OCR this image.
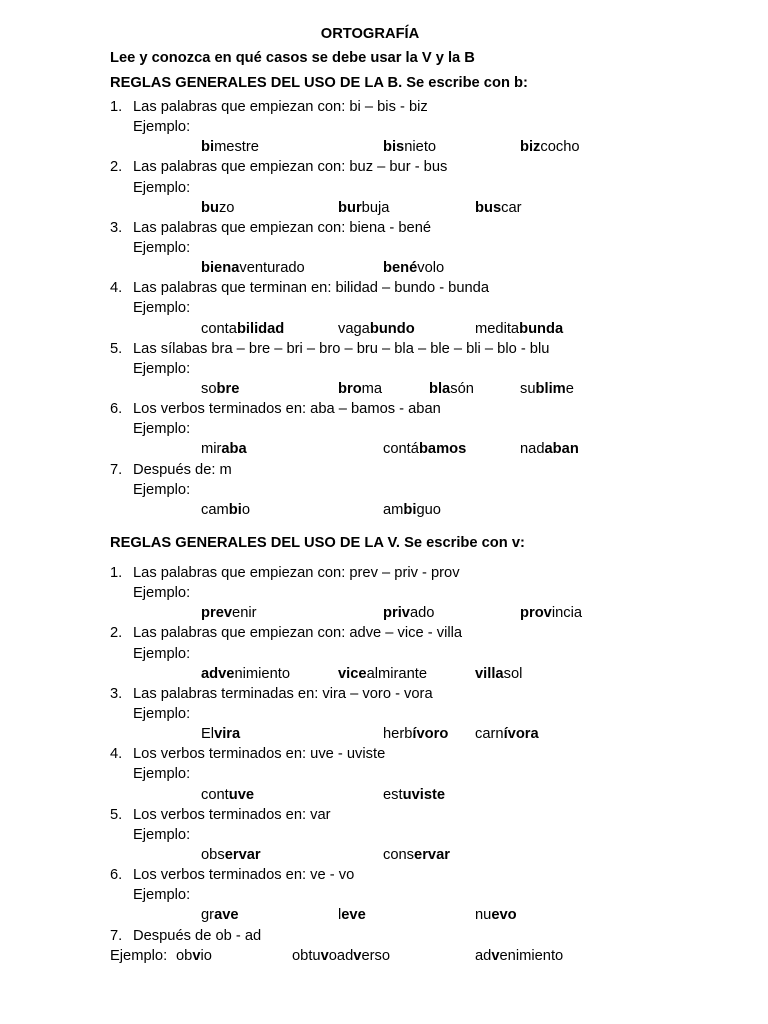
ORTOGRAFÍA
Lee y conozca en qué casos se debe usar la V y la B
REGLAS GENERALES DEL USO DE LA B. Se escribe con b:
1. Las palabras que empiezan con: bi – bis - biz
Ejemplo:
bimestre	bisnieto	bizcocho
2. Las palabras que empiezan con: buz – bur - bus
Ejemplo:
buzo	burbuja	buscar
3. Las palabras que empiezan con: biena - bené
Ejemplo:
bienaventurado	benévolo
4. Las palabras que terminan en: bilidad – bundo - bunda
Ejemplo:
contabilidad	vagabundo	meditabunda
5. Las sílabas bra – bre – bri – bro – bru – bla – ble – bli – blo - blu
Ejemplo:
sobre	broma	blasón	sublime
6. Los verbos terminados en: aba – bamos - aban
Ejemplo:
miraba	contábamos	nadaban
7. Después de: m
Ejemplo:
cambio	ambiguo
REGLAS GENERALES DEL USO DE LA V. Se escribe con v:
1. Las palabras que empiezan con: prev – priv - prov
Ejemplo:
prevenir	privado	provincia
2. Las palabras que empiezan con: adve – vice - villa
Ejemplo:
advenimiento	vicealmirante	villasol
3. Las palabras terminadas en: vira – voro - vora
Ejemplo:
Elvira	herbívoro carnívora
4. Los verbos terminados en: uve - uviste
Ejemplo:
contuve	estuviste
5. Los verbos terminados en: var
Ejemplo:
observar	conservar
6. Los verbos terminados en: ve - vo
Ejemplo:
grave	leve	nuevo
7. Después de ob - ad
Ejemplo: obvio	obtuvoadverso	advenimiento
